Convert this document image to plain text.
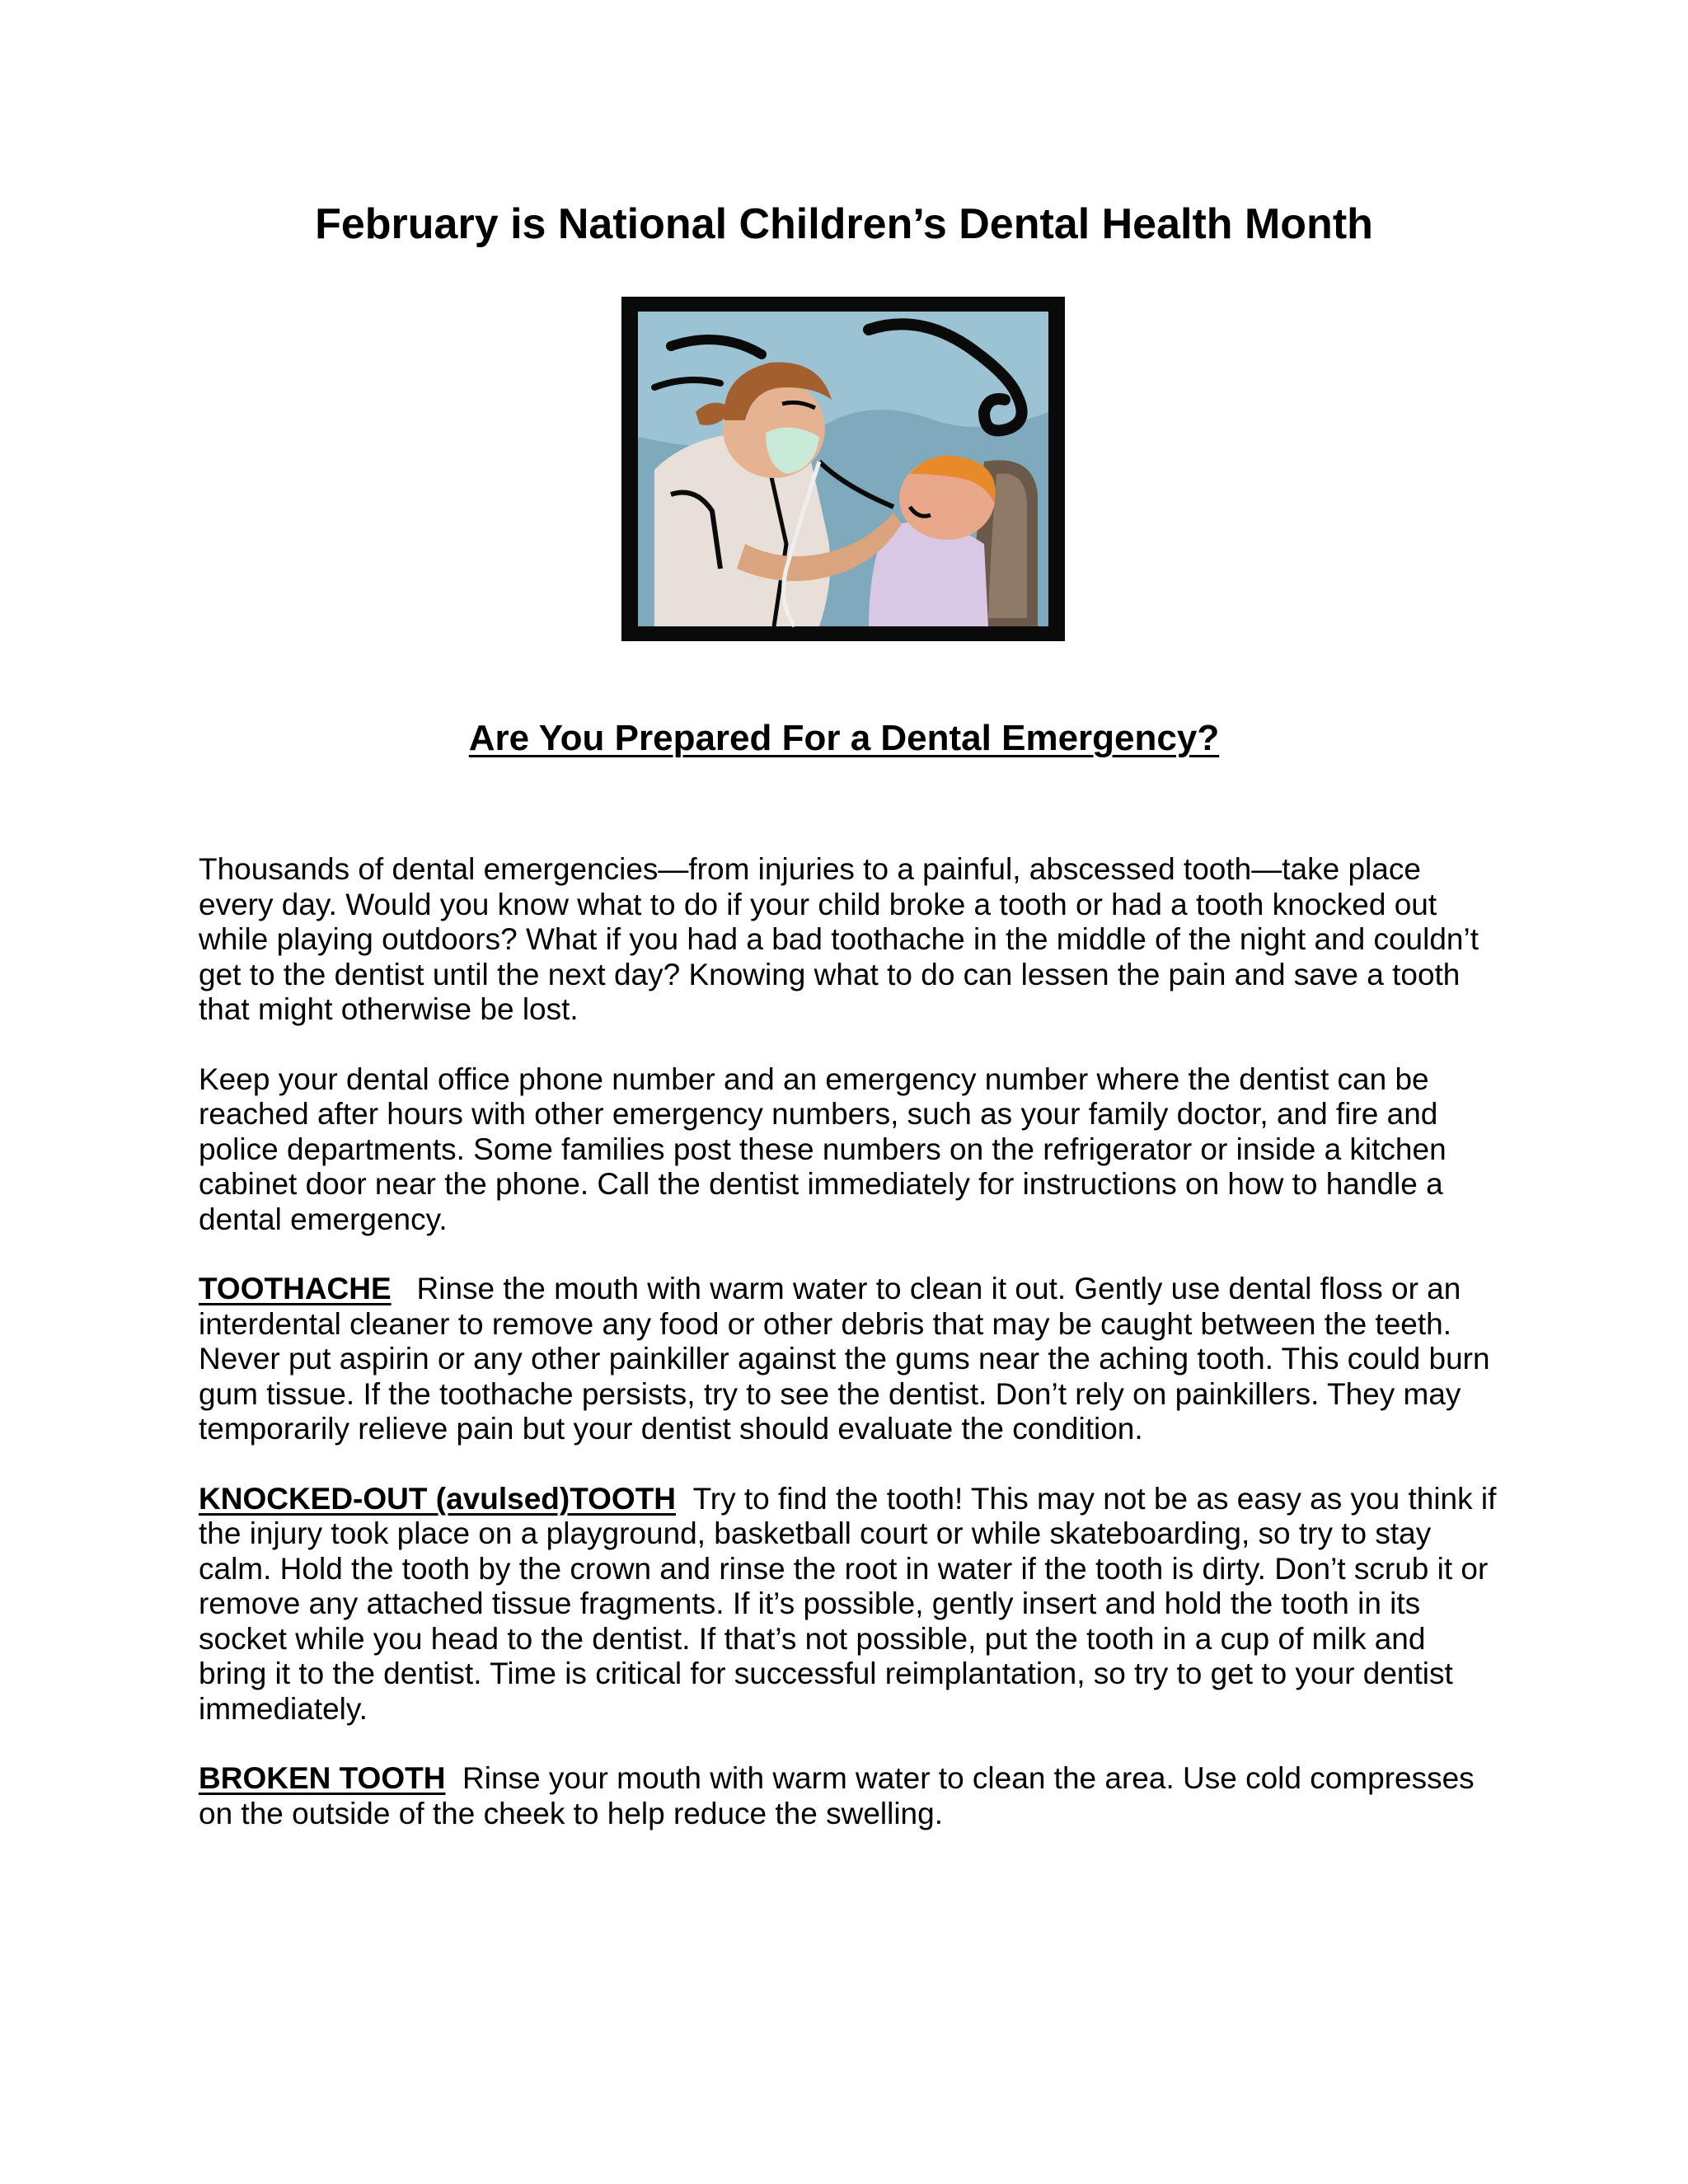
February is National Children’s Dental Health Month
Are You Prepared For a Dental Emergency?

Thousands of dental emergencies—from injuries to a painful, abscessed tooth—take place every day. Would you know what to do if your child broke a tooth or had a tooth knocked out while playing outdoors? What if you had a bad toothache in the middle of the night and couldn’t get to the dentist until the next day? Knowing what to do can lessen the pain and save a tooth that might otherwise be lost.

Keep your dental office phone number and an emergency number where the dentist can be reached after hours with other emergency numbers, such as your family doctor, and fire and police departments. Some families post these numbers on the refrigerator or inside a kitchen cabinet door near the phone. Call the dentist immediately for instructions on how to handle a dental emergency.

TOOTHACHE Rinse the mouth with warm water to clean it out. Gently use dental floss or an interdental cleaner to remove any food or other debris that may be caught between the teeth. Never put aspirin or any other painkiller against the gums near the aching tooth. This could burn gum tissue. If the toothache persists, try to see the dentist. Don’t rely on painkillers. They may temporarily relieve pain but your dentist should evaluate the condition.

KNOCKED-OUT (avulsed)TOOTH Try to find the tooth! This may not be as easy as you think if the injury took place on a playground, basketball court or while skateboarding, so try to stay calm. Hold the tooth by the crown and rinse the root in water if the tooth is dirty. Don’t scrub it or remove any attached tissue fragments. If it’s possible, gently insert and hold the tooth in its socket while you head to the dentist. If that’s not possible, put the tooth in a cup of milk and bring it to the dentist. Time is critical for successful reimplantation, so try to get to your dentist immediately.

BROKEN TOOTH Rinse your mouth with warm water to clean the area. Use cold compresses on the outside of the cheek to help reduce the swelling.
